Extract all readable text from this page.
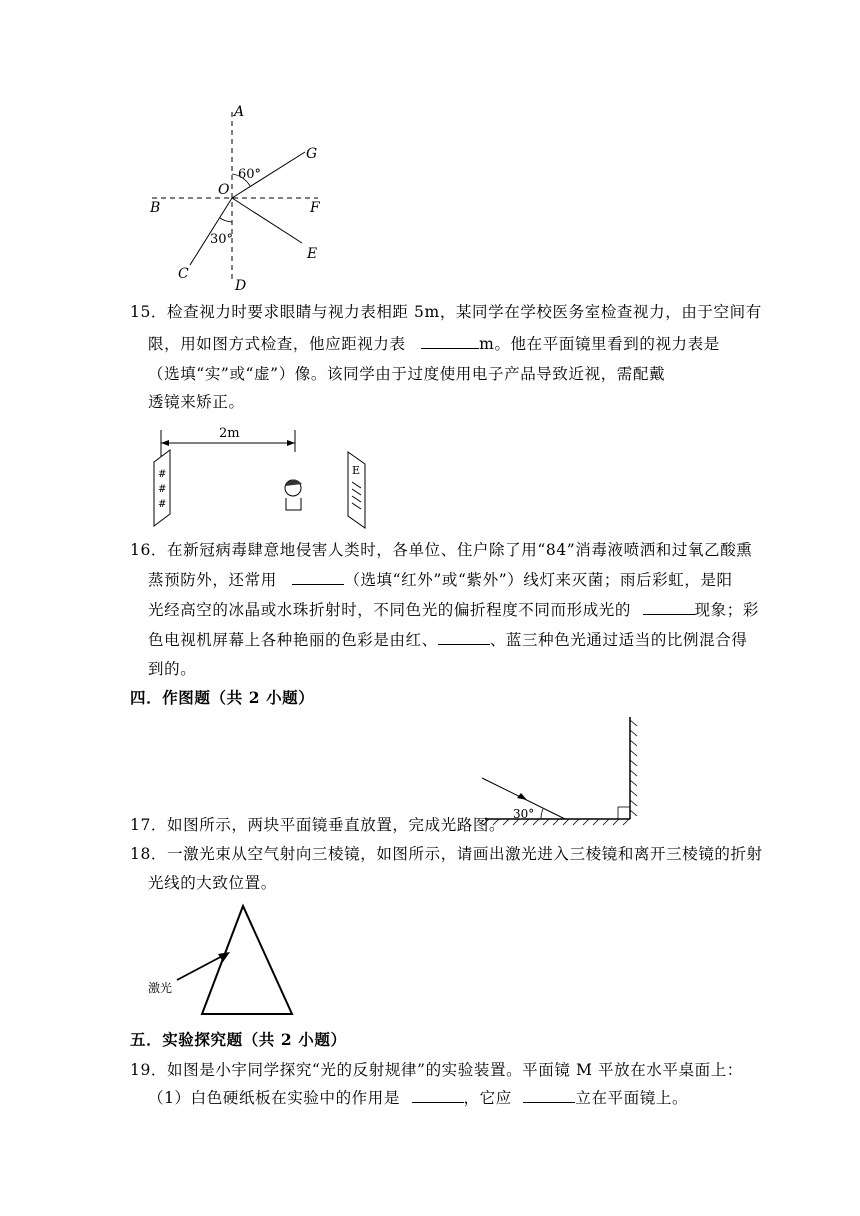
A
G
60°
O
B	F
30°
E
C
D
15．检查视力时要求眼睛与视力表相距 5m，某同学在学校医务室检查视力，由于空间有
限，用如图方式检查，他应距视力表	m。他在平面镜里看到的视力表是
（选填“实”或“虚”）像。该同学由于过度使用电子产品导致近视，需配戴
透镜来矫正。
2m
#
#
#
E
16．在新冠病毒肆意地侵害人类时，各单位、住户除了用“84”消毒液喷洒和过氧乙酸熏
蒸预防外，还常用	（选填“红外”或“紫外”）线灯来灭菌；雨后彩虹，是阳
光经高空的冰晶或水珠折射时，不同色光的偏折程度不同而形成光的	现象；彩
色电视机屏幕上各种艳丽的色彩是由红、	、蓝三种色光通过适当的比例混合得
到的。
四．作图题（共 2 小题）
30°
17．如图所示，两块平面镜垂直放置，完成光路图。
18．一激光束从空气射向三棱镜，如图所示，请画出激光进入三棱镜和离开三棱镜的折射
光线的大致位置。
激光
五．实验探究题（共 2 小题）
19．如图是小宇同学探究“光的反射规律”的实验装置。平面镜 M 平放在水平桌面上：
（1）白色硬纸板在实验中的作用是	，它应	立在平面镜上。
